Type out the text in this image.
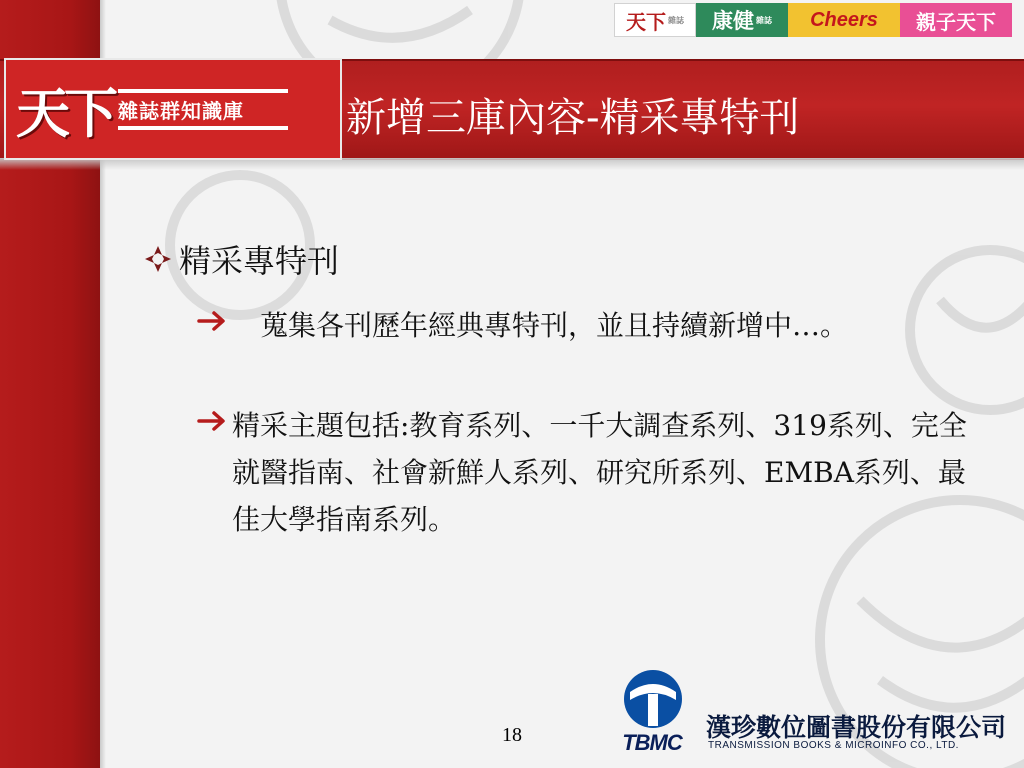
天下 雜誌 康健 雜誌 Cheers 親子天下
天下 雜誌群知識庫	新增三庫內容-精采專特刊
精采專特刊
蒐集各刊歷年經典專特刊，並且持續新增中…。
精采主題包括:教育系列、一千大調查系列、319系列、完全就醫指南、社會新鮮人系列、研究所系列、EMBA系列、最佳大學指南系列。
18	TBMC
漢珍數位圖書股份有限公司
TRANSMISSION BOOKS & MICROINFO CO., LTD.
